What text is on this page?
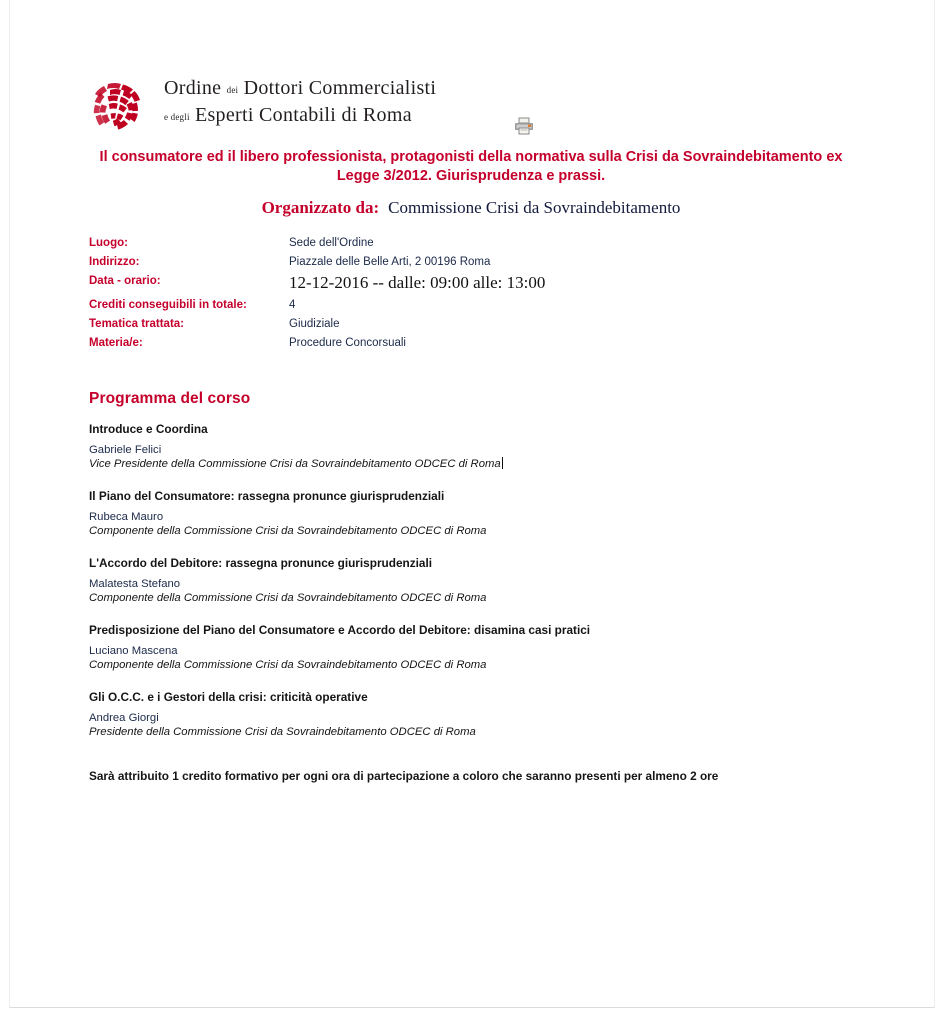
Ordine dei Dottori Commercialisti
e degli Esperti Contabili di Roma
Il consumatore ed il libero professionista, protagonisti della normativa sulla Crisi da Sovraindebitamento ex Legge 3/2012. Giurisprudenza e prassi.
Organizzato da: Commissione Crisi da Sovraindebitamento
Luogo:	Sede dell'Ordine
Indirizzo:	Piazzale delle Belle Arti, 2 00196 Roma
Data - orario:	12-12-2016 -- dalle: 09:00 alle: 13:00
Crediti conseguibili in totale:	4
Tematica trattata:	Giudiziale
Materia/e:	Procedure Concorsuali
Programma del corso
Introduce e Coordina
Gabriele Felici
Vice Presidente della Commissione Crisi da Sovraindebitamento ODCEC di Roma
Il Piano del Consumatore: rassegna pronunce giurisprudenziali
Rubeca Mauro
Componente della Commissione Crisi da Sovraindebitamento ODCEC di Roma
L'Accordo del Debitore: rassegna pronunce giurisprudenziali
Malatesta Stefano
Componente della Commissione Crisi da Sovraindebitamento ODCEC di Roma
Predisposizione del Piano del Consumatore e Accordo del Debitore: disamina casi pratici
Luciano Mascena
Componente della Commissione Crisi da Sovraindebitamento ODCEC di Roma
Gli O.C.C. e i Gestori della crisi: criticità operative
Andrea Giorgi
Presidente della Commissione Crisi da Sovraindebitamento ODCEC di Roma
Sarà attribuito 1 credito formativo per ogni ora di partecipazione a coloro che saranno presenti per almeno 2 ore
